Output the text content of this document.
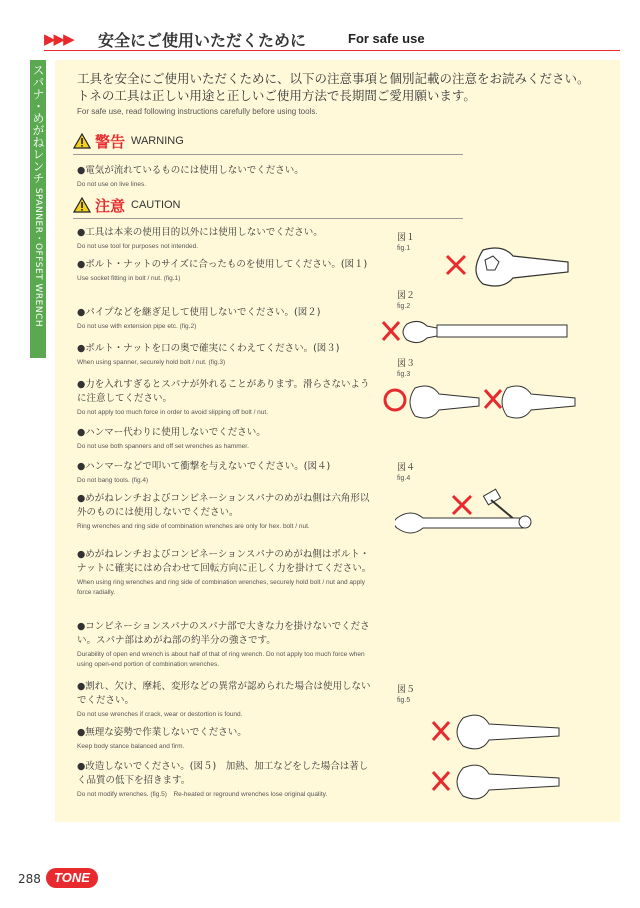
▶▶▶ 安全にご使用いただくために	For safe use
スパナ・めがねレンチ SPANNER・OFFSET WRENCH
工具を安全にご使用いただくために、以下の注意事項と個別記載の注意をお読みください。トネの工具は正しい用途と正しいご使用方法で長期間ご愛用願います。
For safe use, read following instructions carefully before using tools.
警告 WARNING
●電気が流れているものには使用しないでください。
Do not use on live lines.
注意 CAUTION
●工具は本来の使用目的以外には使用しないでください。
Do not use tool for purposes not intended.
●ボルト・ナットのサイズに合ったものを使用してください。(図１)
Use socket fitting in bolt / nut. (fig.1)
●パイプなどを継ぎ足して使用しないでください。(図２)
Do not use with extension pipe etc. (fig.2)
●ボルト・ナットを口の奥で確実にくわえてください。(図３)
When using spanner, securely hold bolt / nut. (fig.3)
●力を入れすぎるとスパナが外れることがあります。滑らさないように注意してください。
Do not apply too much force in order to avoid slipping off bolt / nut.
●ハンマー代わりに使用しないでください。
Do not use both spanners and off set wrenches as hammer.
●ハンマーなどで叩いて衝撃を与えないでください。(図４)
Do not bang tools. (fig.4)
●めがねレンチおよびコンビネーションスパナのめがね側は六角形以外のものには使用しないでください。
Ring wrenches and ring side of combination wrenches are only for hex. bolt / nut.
●めがねレンチおよびコンビネーションスパナのめがね側はボルト・ナットに確実にはめ合わせて回転方向に正しく力を掛けてください。
When using ring wrenches and ring side of combination wrenches, securely hold bolt / nut and apply force radially.
●コンビネーションスパナのスパナ部で大きな力を掛けないでください。スパナ部はめがね部の約半分の強さです。
Durability of open end wrench is about half of that of ring wrench. Do not apply too much force when using open-end portion of combination wrenches.
●割れ、欠け、摩耗、変形などの異常が認められた場合は使用しないでください。
Do not use wrenches if crack, wear or destortion is found.
●無理な姿勢で作業しないでください。
Keep body stance balanced and firm.
●改造しないでください。(図５)　加熱、加工などをした場合は著しく品質の低下を招きます。
Do not modify wrenches. (fig.5)　Re-heated or reground wrenches lose original quality.
図１
fig.1
図２
fig.2
図３
fig.3
図４
fig.4
図５
fig.5
288	TONE
